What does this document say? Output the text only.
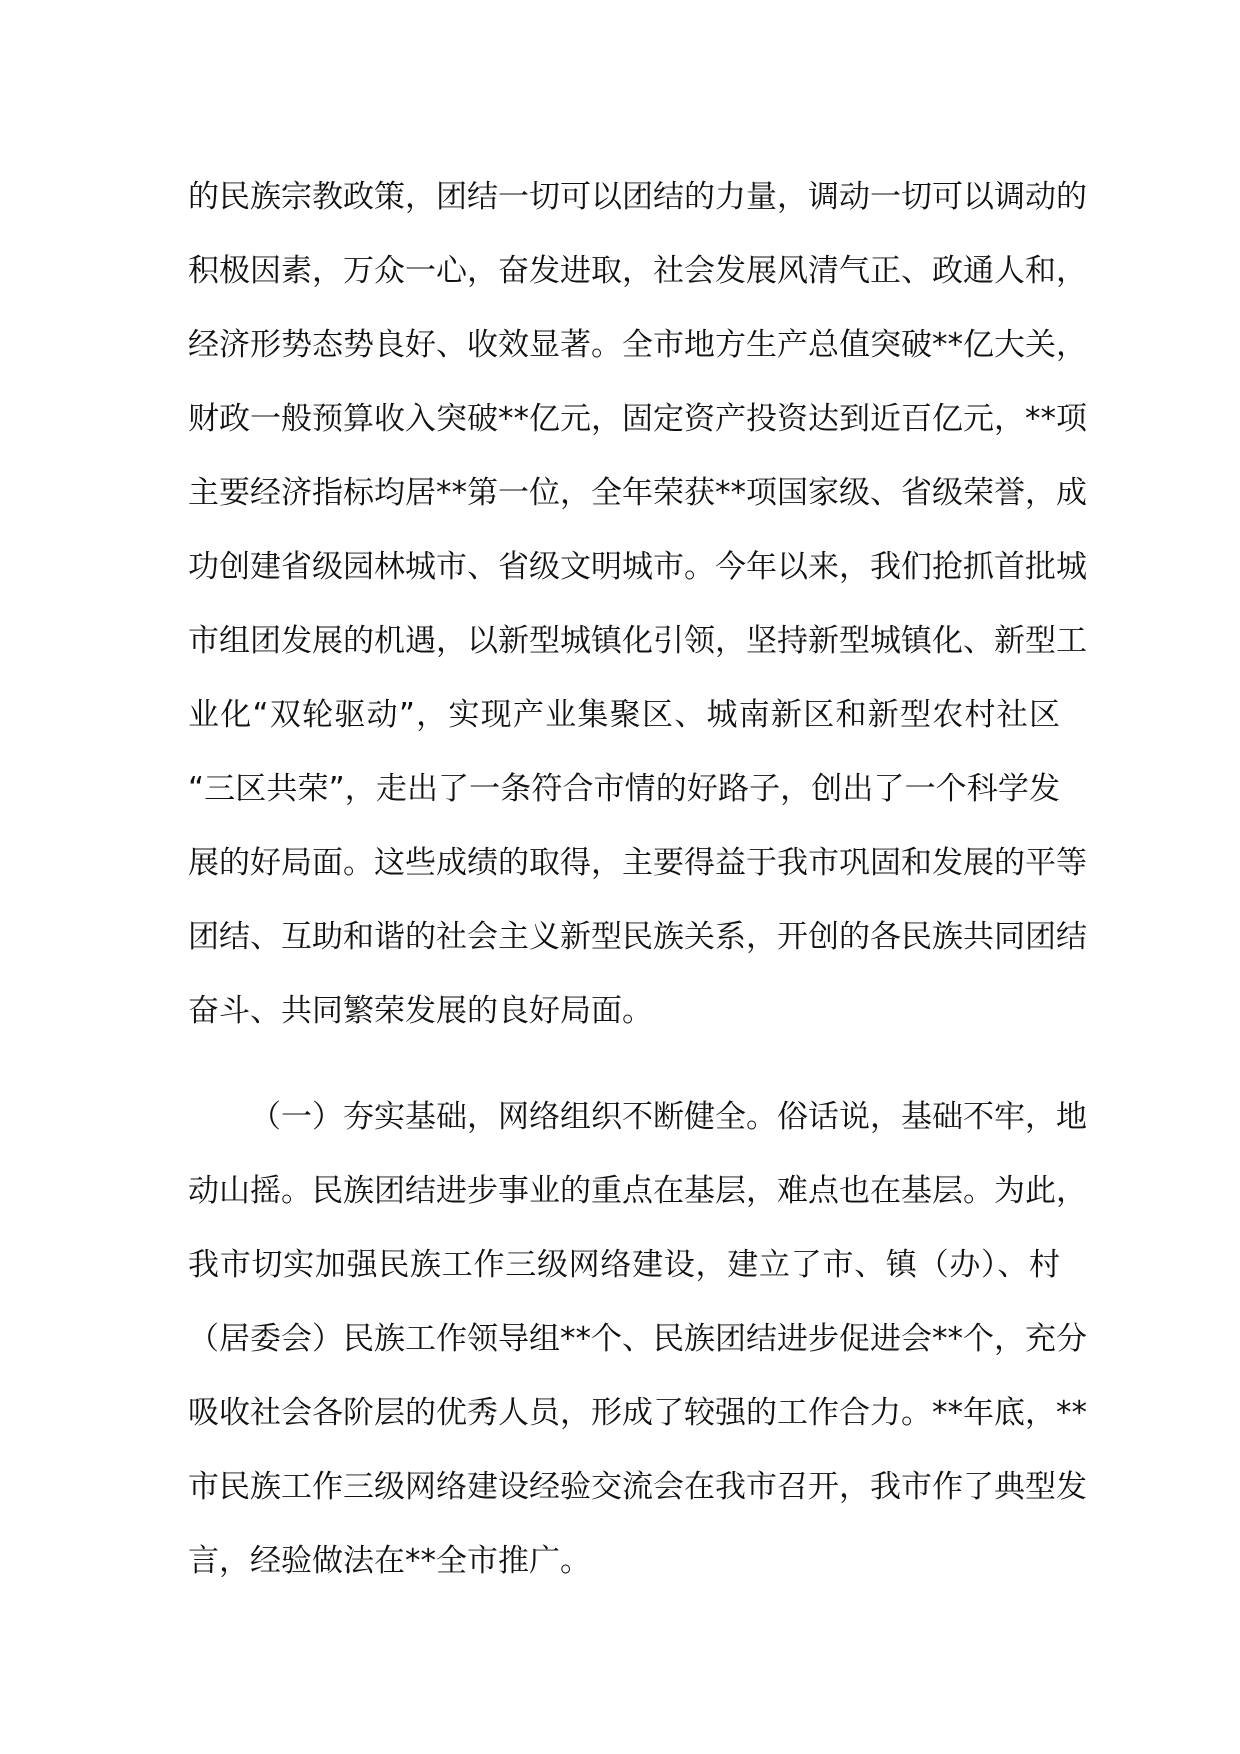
的民族宗教政策，团结一切可以团结的力量，调动一切可以调动的
积极因素，万众一心，奋发进取，社会发展风清气正、政通人和，
经济形势态势良好、收效显著。全市地方生产总值突破**亿大关，
财政一般预算收入突破**亿元，固定资产投资达到近百亿元，**项
主要经济指标均居**第一位，全年荣获**项国家级、省级荣誉，成
功创建省级园林城市、省级文明城市。今年以来，我们抢抓首批城
市组团发展的机遇，以新型城镇化引领，坚持新型城镇化、新型工
业化“双轮驱动”，实现产业集聚区、城南新区和新型农村社区
“三区共荣”，走出了一条符合市情的好路子，创出了一个科学发
展的好局面。这些成绩的取得，主要得益于我市巩固和发展的平等
团结、互助和谐的社会主义新型民族关系，开创的各民族共同团结
奋斗、共同繁荣发展的良好局面。
（一）夯实基础，网络组织不断健全。俗话说，基础不牢，地
动山摇。民族团结进步事业的重点在基层，难点也在基层。为此，
我市切实加强民族工作三级网络建设，建立了市、镇（办）、村
（居委会）民族工作领导组**个、民族团结进步促进会**个，充分
吸收社会各阶层的优秀人员，形成了较强的工作合力。**年底，**
市民族工作三级网络建设经验交流会在我市召开，我市作了典型发
言，经验做法在**全市推广。
